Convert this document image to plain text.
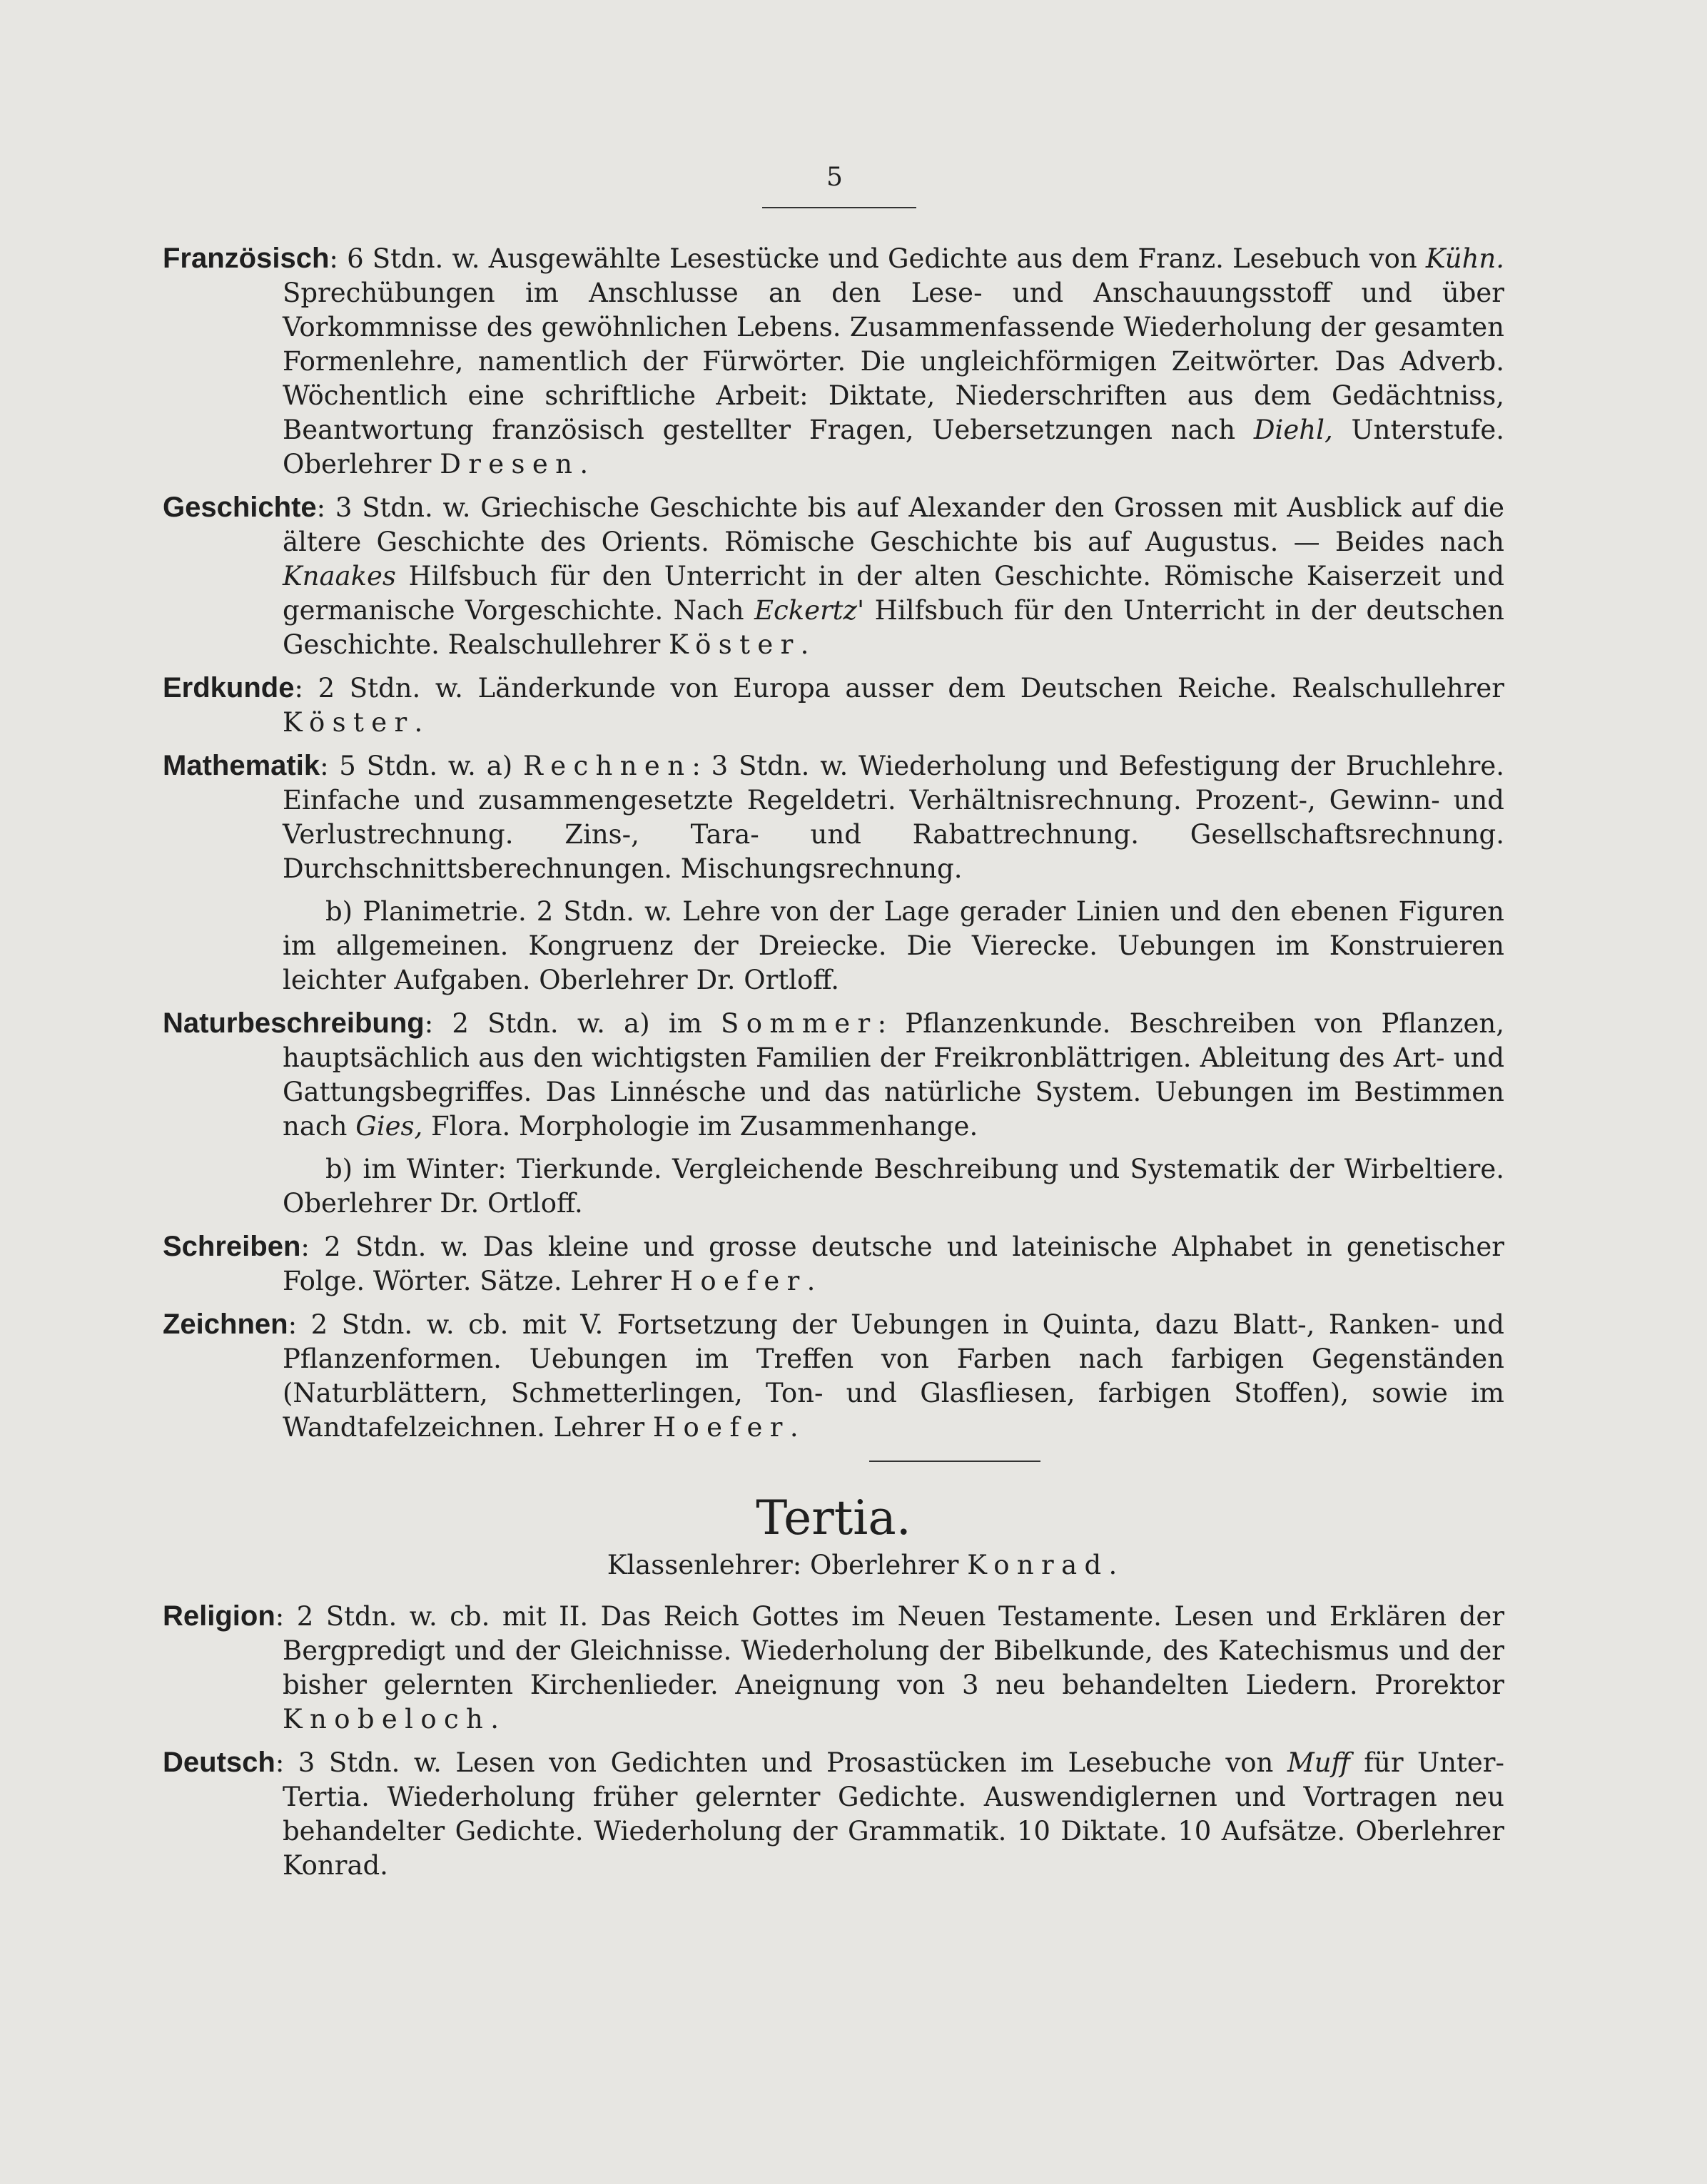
5

Französisch: 6 Stdn. w. Ausgewählte Lesestücke und Gedichte aus dem Franz. Lesebuch von Kühn. Sprechübungen im Anschlusse an den Lese- und Anschauungsstoff und über Vorkommnisse des gewöhnlichen Lebens. Zusammenfassende Wiederholung der gesamten Formenlehre, namentlich der Fürwörter. Die ungleichförmigen Zeitwörter. Das Adverb. Wöchentlich eine schriftliche Arbeit: Diktate, Niederschriften aus dem Gedächtniss, Beantwortung französisch gestellter Fragen, Uebersetzungen nach Diehl, Unterstufe. Oberlehrer Dresen.

Geschichte: 3 Stdn. w. Griechische Geschichte bis auf Alexander den Grossen mit Ausblick auf die ältere Geschichte des Orients. Römische Geschichte bis auf Augustus. — Beides nach Knaakes Hilfsbuch für den Unterricht in der alten Geschichte. Römische Kaiserzeit und germanische Vorgeschichte. Nach Eckertz' Hilfsbuch für den Unterricht in der deutschen Geschichte. Realschullehrer Köster.

Erdkunde: 2 Stdn. w. Länderkunde von Europa ausser dem Deutschen Reiche. Realschullehrer Köster.

Mathematik: 5 Stdn. w. a) Rechnen: 3 Stdn. w. Wiederholung und Befestigung der Bruchlehre. Einfache und zusammengesetzte Regeldetri. Verhältnisrechnung. Prozent-, Gewinn- und Verlustrechnung. Zins-, Tara- und Rabattrechnung. Gesellschaftsrechnung. Durchschnittsberechnungen. Mischungsrechnung.

b) Planimetrie. 2 Stdn. w. Lehre von der Lage gerader Linien und den ebenen Figuren im allgemeinen. Kongruenz der Dreiecke. Die Vierecke. Uebungen im Konstruieren leichter Aufgaben. Oberlehrer Dr. Ortloff.

Naturbeschreibung: 2 Stdn. w. a) im Sommer: Pflanzenkunde. Beschreiben von Pflanzen, hauptsächlich aus den wichtigsten Familien der Freikronblättrigen. Ableitung des Art- und Gattungsbegriffes. Das Linnésche und das natürliche System. Uebungen im Bestimmen nach Gies, Flora. Morphologie im Zusammenhange.

b) im Winter: Tierkunde. Vergleichende Beschreibung und Systematik der Wirbeltiere. Oberlehrer Dr. Ortloff.

Schreiben: 2 Stdn. w. Das kleine und grosse deutsche und lateinische Alphabet in genetischer Folge. Wörter. Sätze. Lehrer Hoefer.

Zeichnen: 2 Stdn. w. cb. mit V. Fortsetzung der Uebungen in Quinta, dazu Blatt-, Ranken- und Pflanzenformen. Uebungen im Treffen von Farben nach farbigen Gegenständen (Naturblättern, Schmetterlingen, Ton- und Glasfliesen, farbigen Stoffen), sowie im Wandtafelzeichnen. Lehrer Hoefer.

Tertia.
Klassenlehrer: Oberlehrer Konrad.

Religion: 2 Stdn. w. cb. mit II. Das Reich Gottes im Neuen Testamente. Lesen und Erklären der Bergpredigt und der Gleichnisse. Wiederholung der Bibelkunde, des Katechismus und der bisher gelernten Kirchenlieder. Aneignung von 3 neu behandelten Liedern. Prorektor Knobeloch.

Deutsch: 3 Stdn. w. Lesen von Gedichten und Prosastücken im Lesebuche von Muff für Unter-Tertia. Wiederholung früher gelernter Gedichte. Auswendiglernen und Vortragen neu behandelter Gedichte. Wiederholung der Grammatik. 10 Diktate. 10 Aufsätze. Oberlehrer Konrad.
